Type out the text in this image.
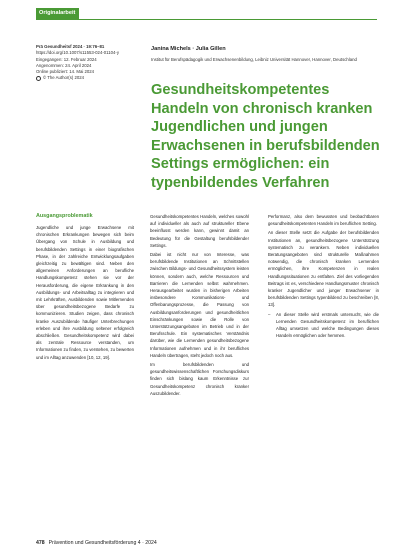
Originalarbeit
Prä Gesundheitsf 2024 · 19:76–81
https://doi.org/10.1007/s11553-024-01104-y
Eingegangen: 12. Februar 2024
Angenommen: 24. April 2024
Online publiziert: 14. Mai 2024
© The Author(s) 2024
Janina Michels · Julia Gillen
Institut für Berufspädagogik und Erwachsenenbildung, Leibniz Universität Hannover, Hannover, Deutschland
Gesundheitskompetentes Handeln von chronisch kranken Jugendlichen und jungen Erwachsenen in berufsbildenden Settings ermöglichen: ein typenbildendes Verfahren
Ausgangsproblematik

Jugendliche und junge Erwachsene mit chronischen Erkrankungen bewegen sich beim Übergang von Schule in Ausbildung und berufsbildenden Settings in einer biografischen Phase, in der zahlreiche Entwicklungsaufgaben gleichzeitig zu bewältigen sind. Neben den allgemeinen Anforderungen an berufliche Handlungskompetenz stehen sie vor der Herausforderung, die eigene Erkrankung in den Ausbildungs- und Arbeitsalltag zu integrieren und mit Lehrkräften, Ausbildenden sowie Mitlernenden über gesundheitsbezogene Bedarfe zu kommunizieren. Studien zeigen, dass chronisch kranke Auszubildende häufiger Unterbrechungen erleben und ihre Ausbildung seltener erfolgreich abschließen. Gesundheitskompetenz wird dabei als zentrale Ressource verstanden, um Informationen zu finden, zu verstehen, zu bewerten und im Alltag anzuwenden [10, 12, 19].

Gesundheitskompetentes Handeln, welches sowohl auf individueller als auch auf struktureller Ebene beeinflusst werden kann, gewinnt damit an Bedeutung für die Gestaltung berufsbildender Settings.

Dabei ist nicht nur von Interesse, was berufsbildende Institutionen an Schnittstellen zwischen Bildungs- und Gesundheitssystem leisten können, sondern auch, welche Ressourcen und Barrieren die Lernenden selbst wahrnehmen. Herausgearbeitet wurden in bisherigen Arbeiten insbesondere Kommunikations- und Offenbarungsprozesse, die Passung von Ausbildungsanforderungen und gesundheitlichen Einschränkungen sowie die Rolle von Unterstützungsangeboten im Betrieb und in der Berufsschule. Ein systematisches Verständnis darüber, wie die Lernenden gesundheitsbezogene Informationen aufnehmen und in ihr berufliches Handeln übertragen, steht jedoch noch aus.

Im berufsbildenden und gesundheitswissenschaftlichen Forschungsdiskurs finden sich bislang kaum Erkenntnisse zur Gesundheitskompetenz chronisch kranker Auszubildender.

Performanz, also dem bewussten und beobachtbaren gesundheitskompetenten Handeln im beruflichen Setting.

An dieser Stelle setzt die Aufgabe der berufsbildenden Institutionen an, gesundheitsbezogene Unterstützung systematisch zu verankern. Neben individuellen Beratungsangeboten sind strukturelle Maßnahmen notwendig, die chronisch kranken Lernenden ermöglichen, ihre Kompetenzen in realen Handlungssituationen zu entfalten. Ziel des vorliegenden Beitrags ist es, verschiedene Handlungsmuster chronisch kranker Jugendlicher und junger Erwachsener in berufsbildenden Settings typenbildend zu beschreiben [8, 13].

– An dieser Stelle wird erstmals untersucht, wie die Lernenden Gesundheitskompetenz im beruflichen Alltag umsetzen und welche Bedingungen dieses Handeln ermöglichen oder hemmen.

478 Prävention und Gesundheitsförderung 4 · 2024
